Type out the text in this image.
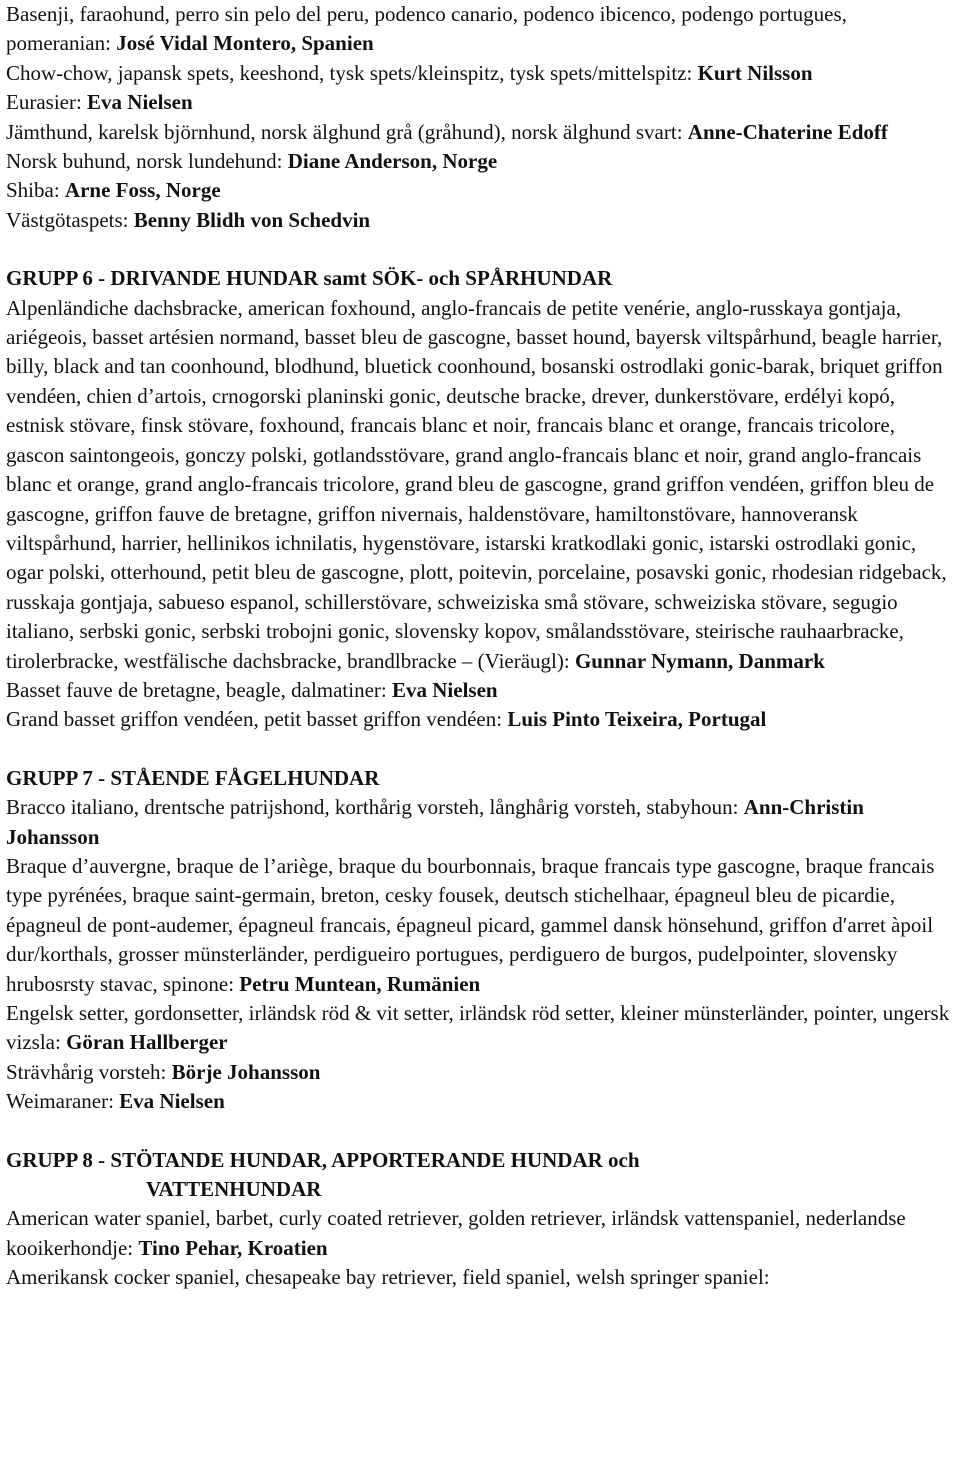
Basenji, faraohund, perro sin pelo del peru, podenco canario, podenco ibicenco, podengo portugues, pomeranian: José Vidal Montero, Spanien

Chow-chow, japansk spets, keeshond, tysk spets/kleinspitz, tysk spets/mittelspitz: Kurt Nilsson

Eurasier: Eva Nielsen

Jämthund, karelsk björnhund, norsk älghund grå (gråhund), norsk älghund svart: Anne-Chaterine Edoff

Norsk buhund, norsk lundehund: Diane Anderson, Norge

Shiba: Arne Foss, Norge

Västgötaspets: Benny Blidh von Schedvin

GRUPP 6 - DRIVANDE HUNDAR samt SÖK- och SPÅRHUNDAR

Alpenländiche dachsbracke, american foxhound, anglo-francais de petite venérie, anglo-russkaya gontjaja, ariégeois, basset artésien normand, basset bleu de gascogne, basset hound, bayersk viltspårhund, beagle harrier, billy, black and tan coonhound, blodhund, bluetick coonhound, bosanski ostrodlaki gonic-barak, briquet griffon vendéen, chien d’artois, crnogorski planinski gonic, deutsche bracke, drever, dunkerstövare, erdélyi kopó, estnisk stövare, finsk stövare, foxhound, francais blanc et noir, francais blanc et orange, francais tricolore, gascon saintongeois, gonczy polski, gotlandsstövare, grand anglo-francais blanc et noir, grand anglo-francais blanc et orange, grand anglo-francais tricolore, grand bleu de gascogne, grand griffon vendéen, griffon bleu de gascogne, griffon fauve de bretagne, griffon nivernais, haldenstövare, hamiltonstövare, hannoveransk viltspårhund, harrier, hellinikos ichnilatis, hygenstövare, istarski kratkodlaki gonic, istarski ostrodlaki gonic, ogar polski, otterhound, petit bleu de gascogne, plott, poitevin, porcelaine, posavski gonic, rhodesian ridgeback, russkaja gontjaja, sabueso espanol, schillerstövare, schweiziska små stövare, schweiziska stövare, segugio italiano, serbski gonic, serbski trobojni gonic, slovensky kopov, smålandsstövare, steirische rauhaarbracke, tirolerbracke, westfälische dachsbracke, brandlbracke – (Vieräugl): Gunnar Nymann, Danmark

Basset fauve de bretagne, beagle, dalmatiner: Eva Nielsen

Grand basset griffon vendéen, petit basset griffon vendéen: Luis Pinto Teixeira, Portugal

GRUPP 7 - STÅENDE FÅGELHUNDAR

Bracco italiano, drentsche patrijshond, korthårig vorsteh, långhårig vorsteh, stabyhoun: Ann-Christin Johansson

Braque d’auvergne, braque de l’ariège, braque du bourbonnais, braque francais type gascogne, braque francais type pyrénées, braque saint-germain, breton, cesky fousek, deutsch stichelhaar, épagneul bleu de picardie, épagneul de pont-audemer, épagneul francais, épagneul picard, gammel dansk hönsehund, griffon d′arret àpoil dur/korthals, grosser münsterländer, perdigueiro portugues, perdiguero de burgos, pudelpointer, slovensky hrubosrsty stavac, spinone: Petru Muntean, Rumänien

Engelsk setter, gordonsetter, irländsk röd & vit setter, irländsk röd setter, kleiner münsterländer, pointer, ungersk vizsla: Göran Hallberger

Strävhårig vorsteh: Börje Johansson

Weimaraner: Eva Nielsen

GRUPP 8 - STÖTANDE HUNDAR, APPORTERANDE HUNDAR och
VATTENHUNDAR

American water spaniel, barbet, curly coated retriever, golden retriever, irländsk vattenspaniel, nederlandse kooikerhondje: Tino Pehar, Kroatien

Amerikansk cocker spaniel, chesapeake bay retriever, field spaniel, welsh springer spaniel:
